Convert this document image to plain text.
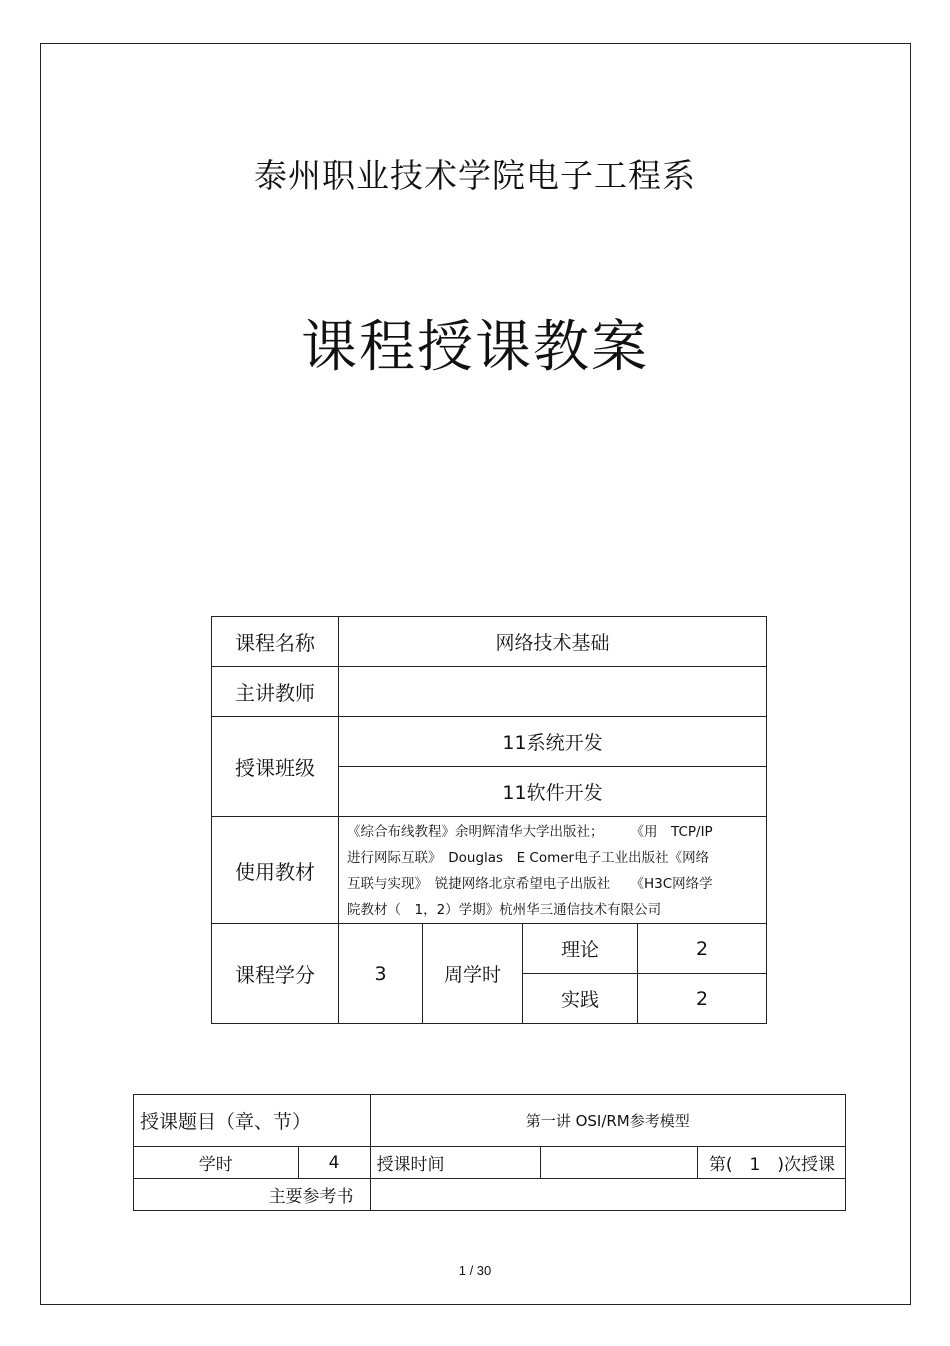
泰州职业技术学院电子工程系
课程授课教案
课程名称	网络技术基础			
主讲教师				
授课班级	11系统开发			
	11软件开发			
使用教材	《综合布线教程》余明辉清华大学出版社；　　　《用　TCP/IP
进行网际互联》　Douglas　E Comer电子工业出版社《网络
互联与实现》　锐捷网络北京希望电子出版社　　《H3C网络学
院教材（　1，2）学期》杭州华三通信技术有限公司			

课程学分	3	周学时	理论	2
			实践	2
授课题目（章、节）		第一讲 OSI/RM参考模型		
学时	4	授课时间		第(　1　)次授课
主要参考书				
1 / 30
